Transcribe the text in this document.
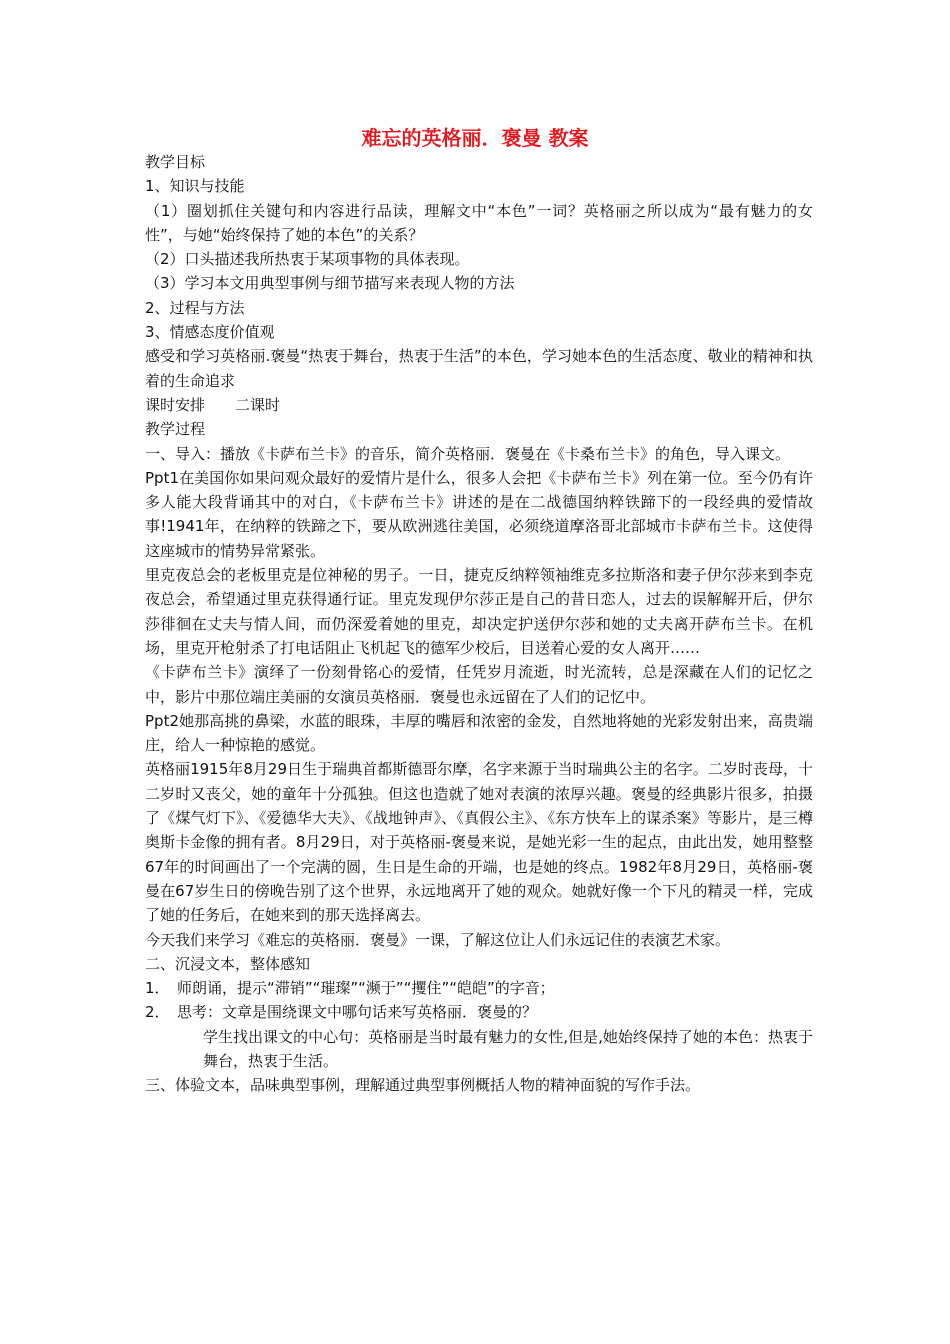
难忘的英格丽．褒曼 教案

教学目标

1、知识与技能

（1）圈划抓住关键句和内容进行品读，理解文中“本色”一词？英格丽之所以成为“最有魅力的女性”，与她“始终保持了她的本色”的关系？

（2）口头描述我所热衷于某项事物的具体表现。

（3）学习本文用典型事例与细节描写来表现人物的方法

2、过程与方法

3、情感态度价值观

感受和学习英格丽.褒曼“热衷于舞台，热衷于生活”的本色，学习她本色的生活态度、敬业的精神和执着的生命追求

课时安排　　二课时

教学过程

一、导入：播放《卡萨布兰卡》的音乐，简介英格丽．褒曼在《卡桑布兰卡》的角色，导入课文。

Ppt1在美国你如果问观众最好的爱情片是什么，很多人会把《卡萨布兰卡》列在第一位。至今仍有许多人能大段背诵其中的对白，《卡萨布兰卡》讲述的是在二战德国纳粹铁蹄下的一段经典的爱情故事!1941年，在纳粹的铁蹄之下，要从欧洲逃往美国，必须绕道摩洛哥北部城市卡萨布兰卡。这使得这座城市的情势异常紧张。

里克夜总会的老板里克是位神秘的男子。一日，捷克反纳粹领袖维克多拉斯洛和妻子伊尔莎来到李克夜总会，希望通过里克获得通行证。里克发现伊尔莎正是自己的昔日恋人，过去的误解解开后，伊尔莎徘徊在丈夫与情人间，而仍深爱着她的里克，却决定护送伊尔莎和她的丈夫离开萨布兰卡。在机场，里克开枪射杀了打电话阻止飞机起飞的德军少校后，目送着心爱的女人离开……

《卡萨布兰卡》演绎了一份刻骨铭心的爱情，任凭岁月流逝，时光流转，总是深藏在人们的记忆之中，影片中那位端庄美丽的女演员英格丽．褒曼也永远留在了人们的记忆中。

Ppt2她那高挑的鼻梁，水蓝的眼珠，丰厚的嘴唇和浓密的金发，自然地将她的光彩发射出来，高贵端庄，给人一种惊艳的感觉。

英格丽1915年8月29日生于瑞典首都斯德哥尔摩，名字来源于当时瑞典公主的名字。二岁时丧母，十二岁时又丧父，她的童年十分孤独。但这也造就了她对表演的浓厚兴趣。褒曼的经典影片很多，拍摄了《煤气灯下》、《爱德华大夫》、《战地钟声》、《真假公主》、《东方快车上的谋杀案》等影片，是三樽奥斯卡金像的拥有者。8月29日，对于英格丽-褒曼来说，是她光彩一生的起点，由此出发，她用整整67年的时间画出了一个完满的圆，生日是生命的开端，也是她的终点。1982年8月29日，英格丽-褒曼在67岁生日的傍晚告别了这个世界，永远地离开了她的观众。她就好像一个下凡的精灵一样，完成了她的任务后，在她来到的那天选择离去。

今天我们来学习《难忘的英格丽．褒曼》一课，了解这位让人们永远记住的表演艺术家。

二、沉浸文本，整体感知

1．　师朗诵，提示“滞销”“璀璨”“濒于”“攫住”“皑皑”的字音；

2．　思考：文章是围绕课文中哪句话来写英格丽．褒曼的？

学生找出课文的中心句：英格丽是当时最有魅力的女性,但是,她始终保持了她的本色：热衷于舞台，热衷于生活。

三、体验文本，品味典型事例，理解通过典型事例概括人物的精神面貌的写作手法。
